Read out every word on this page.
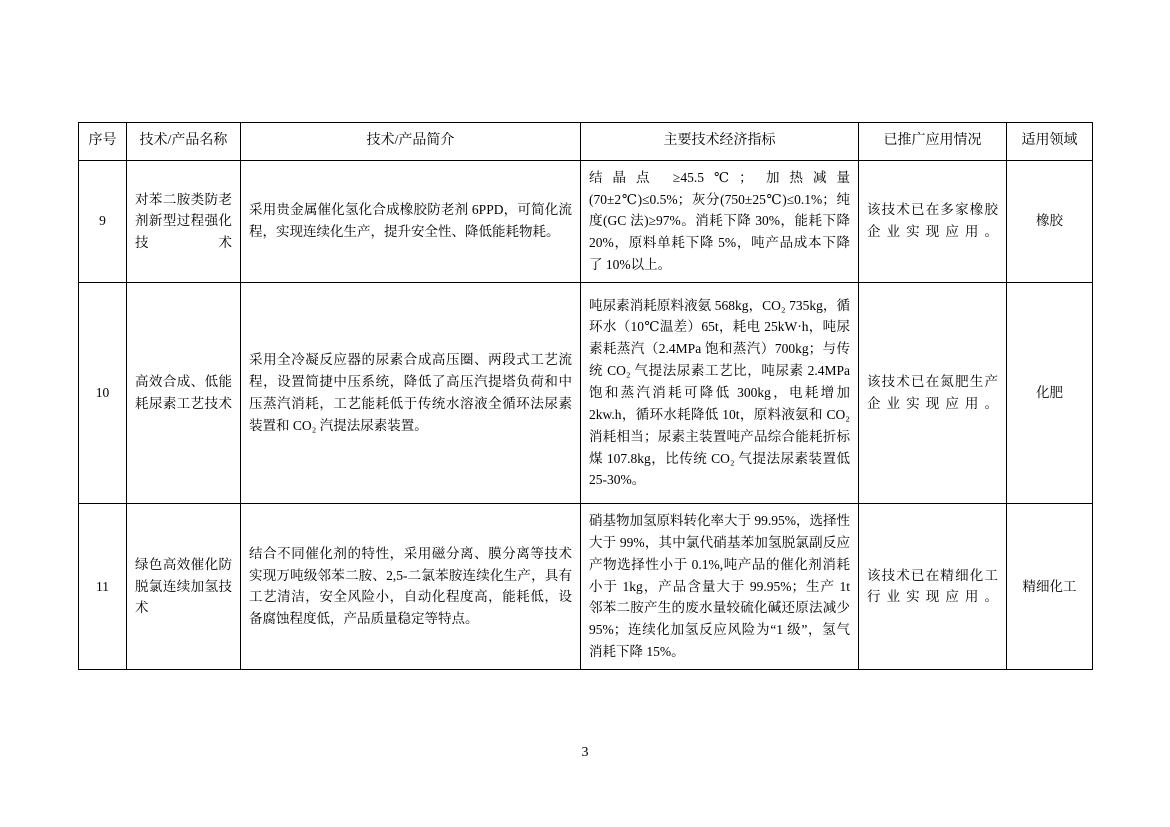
序号	技术/产品名称	技术/产品简介	主要技术经济指标	已推广应用情况	适用领域
9	对苯二胺类防老剂新型过程强化技术	采用贵金属催化氢化合成橡胶防老剂 6PPD，可简化流程，实现连续化生产，提升安全性、降低能耗物耗。	结晶点 ≥45.5℃； 加热减量 (70±2℃)≤0.5%；灰分(750±25℃)≤0.1%；纯度(GC 法)≥97%。消耗下降 30%，能耗下降 20%，原料单耗下降 5%，吨产品成本下降了 10%以上。	该技术已在多家橡胶企业实现应用。	橡胶
10	高效合成、低能耗尿素工艺技术	采用全冷凝反应器的尿素合成高压圈、两段式工艺流程，设置简捷中压系统，降低了高压汽提塔负荷和中压蒸汽消耗，工艺能耗低于传统水溶液全循环法尿素装置和 CO₂ 汽提法尿素装置。	吨尿素消耗原料液氨 568kg，CO₂ 735kg，循环水（10℃温差）65t，耗电 25kW·h，吨尿素耗蒸汽（2.4MPa 饱和蒸汽）700kg；与传统 CO₂ 气提法尿素工艺比，吨尿素 2.4MPa 饱和蒸汽消耗可降低 300kg，电耗增加 2kw.h，循环水耗降低 10t，原料液氨和 CO₂ 消耗相当；尿素主装置吨产品综合能耗折标煤 107.8kg，比传统 CO₂ 气提法尿素装置低 25-30%。	该技术已在氮肥生产企业实现应用。	化肥
11	绿色高效催化防脱氯连续加氢技术	结合不同催化剂的特性，采用磁分离、膜分离等技术实现万吨级邻苯二胺、2,5-二氯苯胺连续化生产，具有工艺清洁，安全风险小，自动化程度高，能耗低，设备腐蚀程度低，产品质量稳定等特点。	硝基物加氢原料转化率大于 99.95%，选择性大于 99%，其中氯代硝基苯加氢脱氯副反应产物选择性小于 0.1%,吨产品的催化剂消耗小于 1kg，产品含量大于 99.95%；生产 1t 邻苯二胺产生的废水量较硫化碱还原法减少 95%；连续化加氢反应风险为“1 级”，氢气消耗下降 15%。	该技术已在精细化工行业实现应用。	精细化工
3
